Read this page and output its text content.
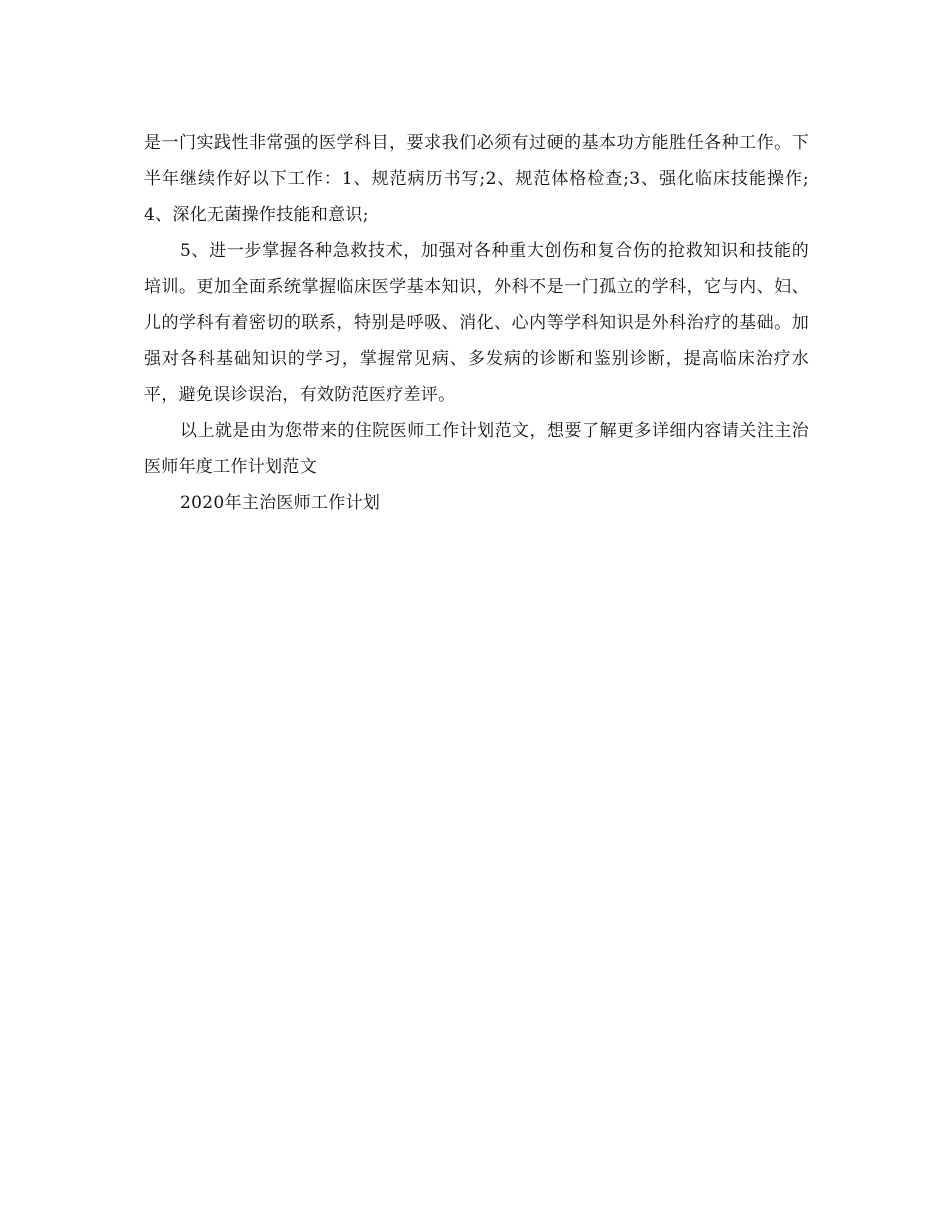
是一门实践性非常强的医学科目，要求我们必须有过硬的基本功方能胜任各种工作。下半年继续作好以下工作：1、规范病历书写;2、规范体格检查;3、强化临床技能操作;4、深化无菌操作技能和意识;

5、进一步掌握各种急救技术，加强对各种重大创伤和复合伤的抢救知识和技能的培训。更加全面系统掌握临床医学基本知识，外科不是一门孤立的学科，它与内、妇、儿的学科有着密切的联系，特别是呼吸、消化、心内等学科知识是外科治疗的基础。加强对各科基础知识的学习，掌握常见病、多发病的诊断和鉴别诊断，提高临床治疗水平，避免误诊误治，有效防范医疗差评。

以上就是由为您带来的住院医师工作计划范文，想要了解更多详细内容请关注主治医师年度工作计划范文

2020年主治医师工作计划
